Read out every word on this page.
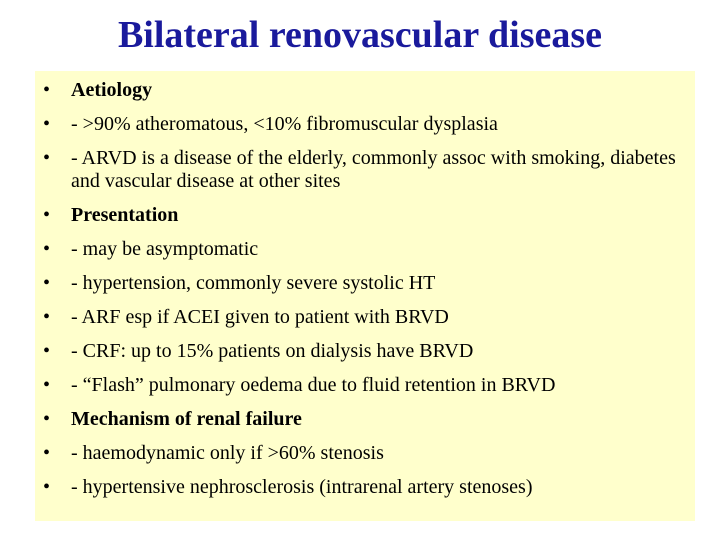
Bilateral renovascular disease
•	Aetiology
•	- >90% atheromatous, <10% fibromuscular dysplasia
•	- ARVD is a disease of the elderly, commonly assoc with smoking, diabetes and vascular disease at other sites
•	Presentation
•	- may be asymptomatic
•	- hypertension, commonly severe systolic HT
•	- ARF esp if ACEI given to patient with BRVD
•	- CRF: up to 15% patients on dialysis have BRVD
•	- “Flash” pulmonary oedema due to fluid retention in BRVD
•	Mechanism of renal failure
•	- haemodynamic only if >60% stenosis
•	- hypertensive nephrosclerosis (intrarenal artery stenoses)
